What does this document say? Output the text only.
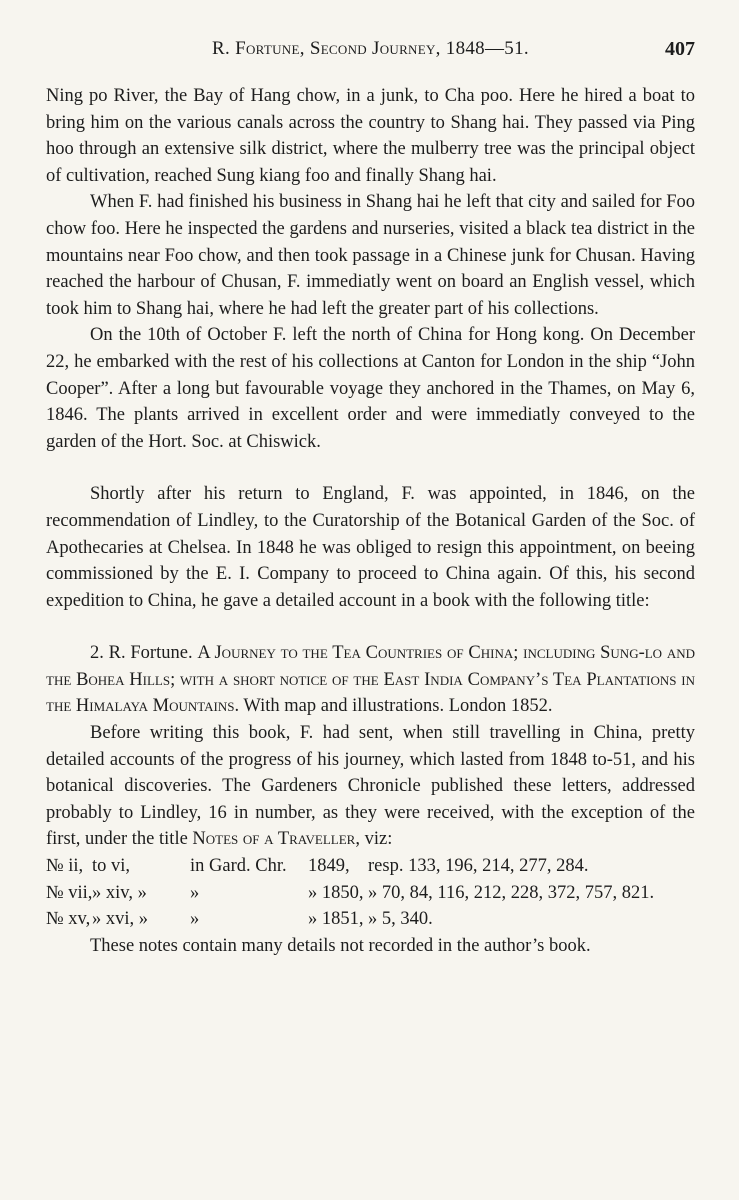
R. Fortune, Second Journey, 1848—51.	407

Ning po River, the Bay of Hang chow, in a junk, to Cha poo. Here he hired a boat to bring him on the various canals across the country to Shang hai. They passed via Ping hoo through an extensive silk district, where the mulberry tree was the principal object of cultivation, reached Sung kiang foo and finally Shang hai.

When F. had finished his business in Shang hai he left that city and sailed for Foo chow foo. Here he inspected the gardens and nurseries, visited a black tea district in the mountains near Foo chow, and then took passage in a Chinese junk for Chusan. Having reached the harbour of Chusan, F. immediatly went on board an English vessel, which took him to Shang hai, where he had left the greater part of his collections.

On the 10th of October F. left the north of China for Hong kong. On December 22, he embarked with the rest of his collections at Canton for London in the ship “John Cooper”. After a long but favourable voyage they anchored in the Thames, on May 6, 1846. The plants arrived in excellent order and were immediatly conveyed to the garden of the Hort. Soc. at Chiswick.

Shortly after his return to England, F. was appointed, in 1846, on the recommendation of Lindley, to the Curatorship of the Botanical Garden of the Soc. of Apothecaries at Chelsea. In 1848 he was obliged to resign this appointment, on beeing commissioned by the E. I. Company to proceed to China again. Of this, his second expedition to China, he gave a detailed account in a book with the following title:

2. R. Fortune. A Journey to the Tea Countries of China; including Sung-lo and the Bohea Hills; with a short notice of the East India Company’s Tea Plantations in the Himalaya Mountains. With map and illustrations. London 1852.

Before writing this book, F. had sent, when still travelling in China, pretty detailed accounts of the progress of his journey, which lasted from 1848 to-51, and his botanical discoveries. The Gardeners Chronicle published these letters, addressed probably to Lindley, 16 in number, as they were received, with the exception of the first, under the title Notes of a Traveller, viz:

№ ii, to vi,	in Gard. Chr.	1849, resp. 133, 196, 214, 277, 284.
№ vii, » xiv, »	»	» 1850, » 70, 84, 116, 212, 228, 372, 757, 821.
№ xv, » xvi, »	»	» 1851, » 5, 340.

These notes contain many details not recorded in the author’s book.
